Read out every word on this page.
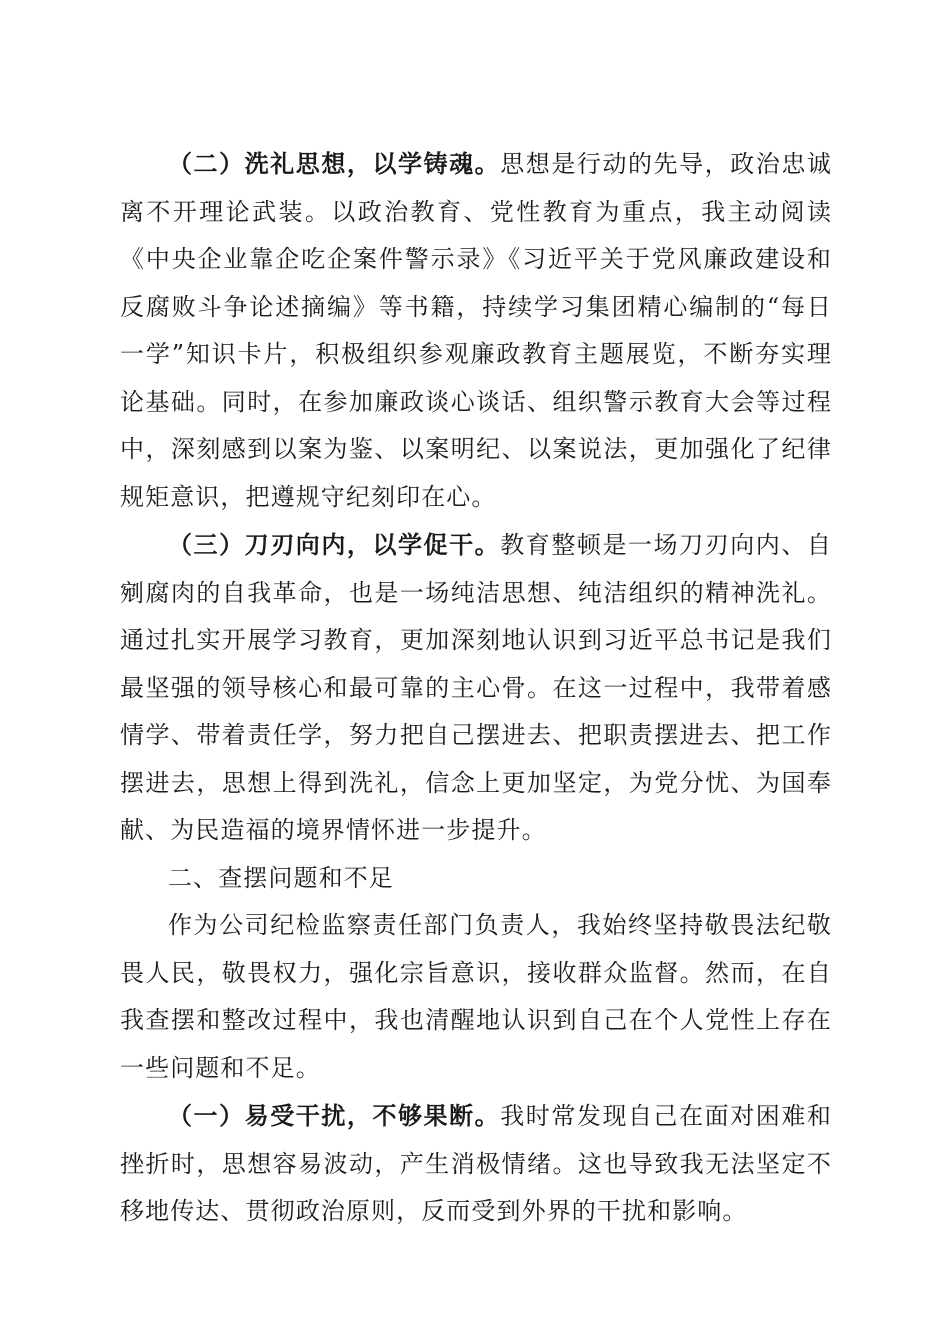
（二）洗礼思想，以学铸魂。思想是行动的先导，政治忠诚离不开理论武装。以政治教育、党性教育为重点，我主动阅读《中央企业靠企吃企案件警示录》《习近平关于党风廉政建设和反腐败斗争论述摘编》等书籍，持续学习集团精心编制的“每日一学”知识卡片，积极组织参观廉政教育主题展览，不断夯实理论基础。同时，在参加廉政谈心谈话、组织警示教育大会等过程中，深刻感到以案为鉴、以案明纪、以案说法，更加强化了纪律规矩意识，把遵规守纪刻印在心。

（三）刀刃向内，以学促干。教育整顿是一场刀刃向内、自剜腐肉的自我革命，也是一场纯洁思想、纯洁组织的精神洗礼。通过扎实开展学习教育，更加深刻地认识到习近平总书记是我们最坚强的领导核心和最可靠的主心骨。在这一过程中，我带着感情学、带着责任学，努力把自己摆进去、把职责摆进去、把工作摆进去，思想上得到洗礼，信念上更加坚定，为党分忧、为国奉献、为民造福的境界情怀进一步提升。

二、查摆问题和不足

作为公司纪检监察责任部门负责人，我始终坚持敬畏法纪敬畏人民，敬畏权力，强化宗旨意识，接收群众监督。然而，在自我查摆和整改过程中，我也清醒地认识到自己在个人党性上存在一些问题和不足。

（一）易受干扰，不够果断。我时常发现自己在面对困难和挫折时，思想容易波动，产生消极情绪。这也导致我无法坚定不移地传达、贯彻政治原则，反而受到外界的干扰和影响。
